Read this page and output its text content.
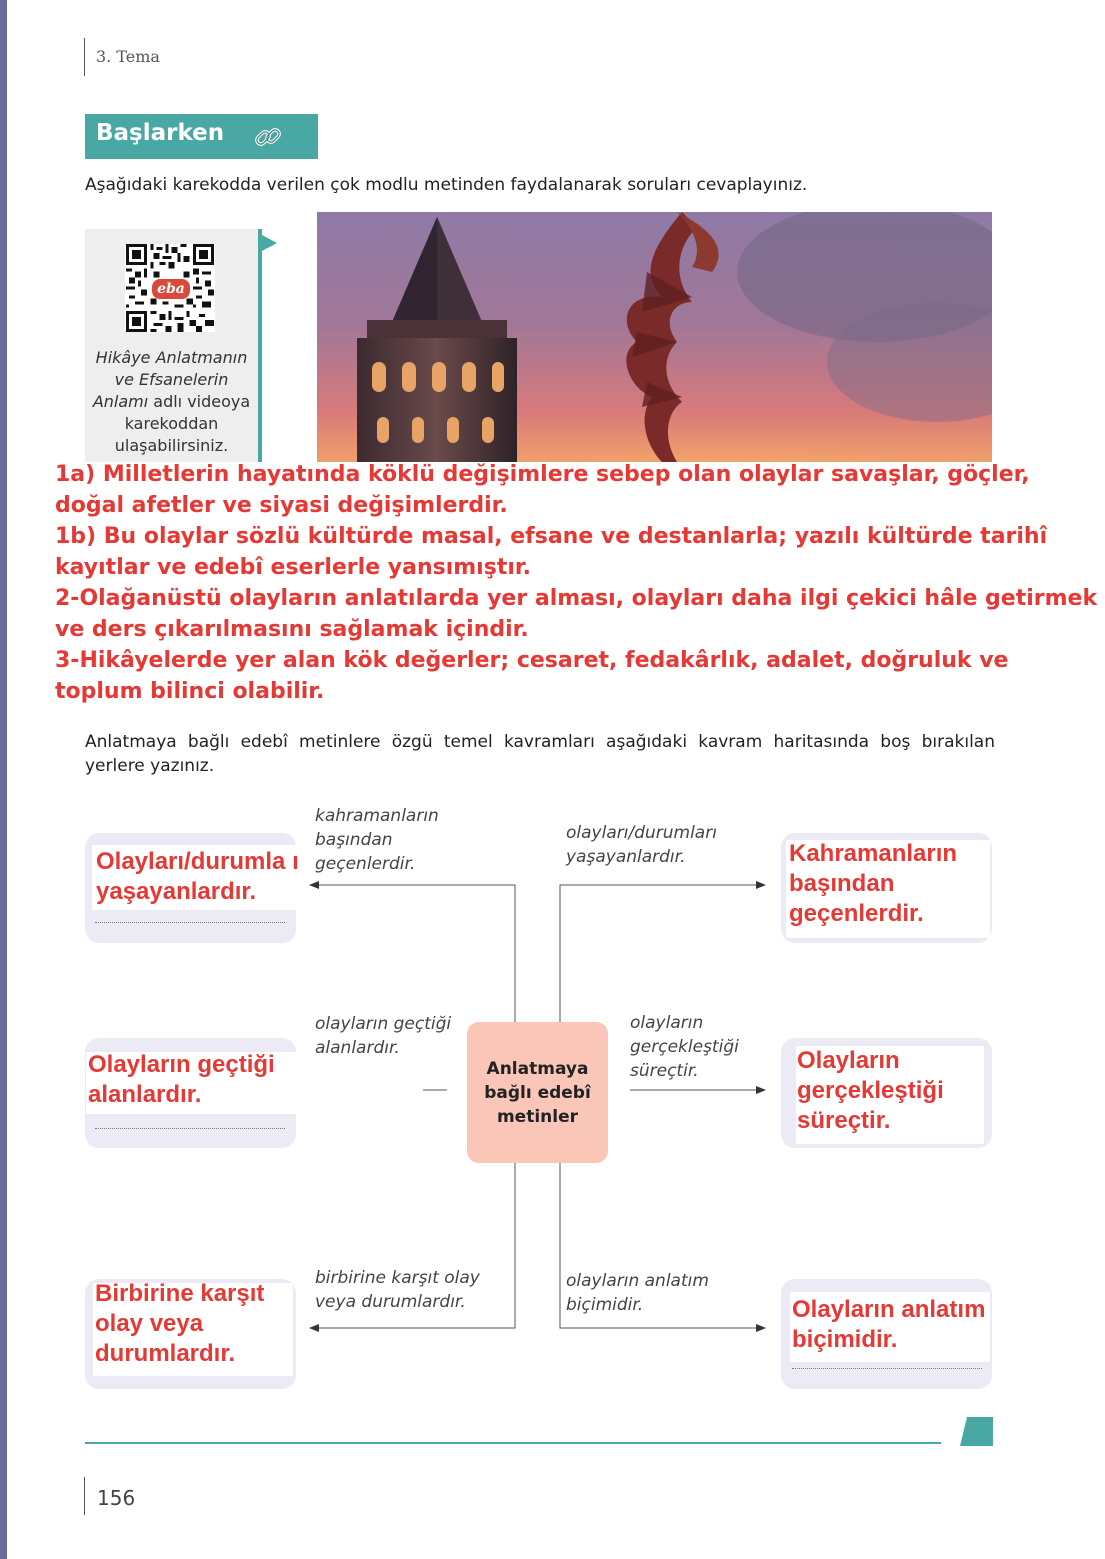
3. Tema
Başlarken
Aşağıdaki karekodda verilen çok modlu metinden faydalanarak soruları cevaplayınız.
eba
Hikâye Anlatmanın ve Efsanelerin Anlamı adlı videoya karekoddan ulaşabilirsiniz.

1a) Milletlerin hayatında köklü değişimlere sebep olan olaylar savaşlar, göçler, doğal afetler ve siyasi değişimlerdir.

1b) Bu olaylar sözlü kültürde masal, efsane ve destanlarla; yazılı kültürde tarihî kayıtlar ve edebî eserlerle yansımıştır.

2-Olağanüstü olayların anlatılarda yer alması, olayları daha ilgi çekici hâle getirmek ve ders çıkarılmasını sağlamak içindir.

3-Hikâyelerde yer alan kök değerler; cesaret, fedakârlık, adalet, doğruluk ve toplum bilinci olabilir.

Anlatmaya bağlı edebî metinlere özgü temel kavramları aşağıdaki kavram haritasında boş bırakılan yerlere yazınız.
Olayları/durumla ı yaşayanlardır.
Kahramanların başından geçenlerdir.
Olayların geçtiği alanlardır.
Olayların gerçekleştiği süreçtir.
Birbirine karşıt olay veya durumlardır.
Olayların anlatım biçimidir.
kahramanların başından geçenlerdir.
olayları/durumları yaşayanlardır.
olayların geçtiği alanlardır.
olayların gerçekleştiği süreçtir.
birbirine karşıt olay veya durumlardır.
olayların anlatım biçimidir.
Anlatmaya bağlı edebî metinler
156
